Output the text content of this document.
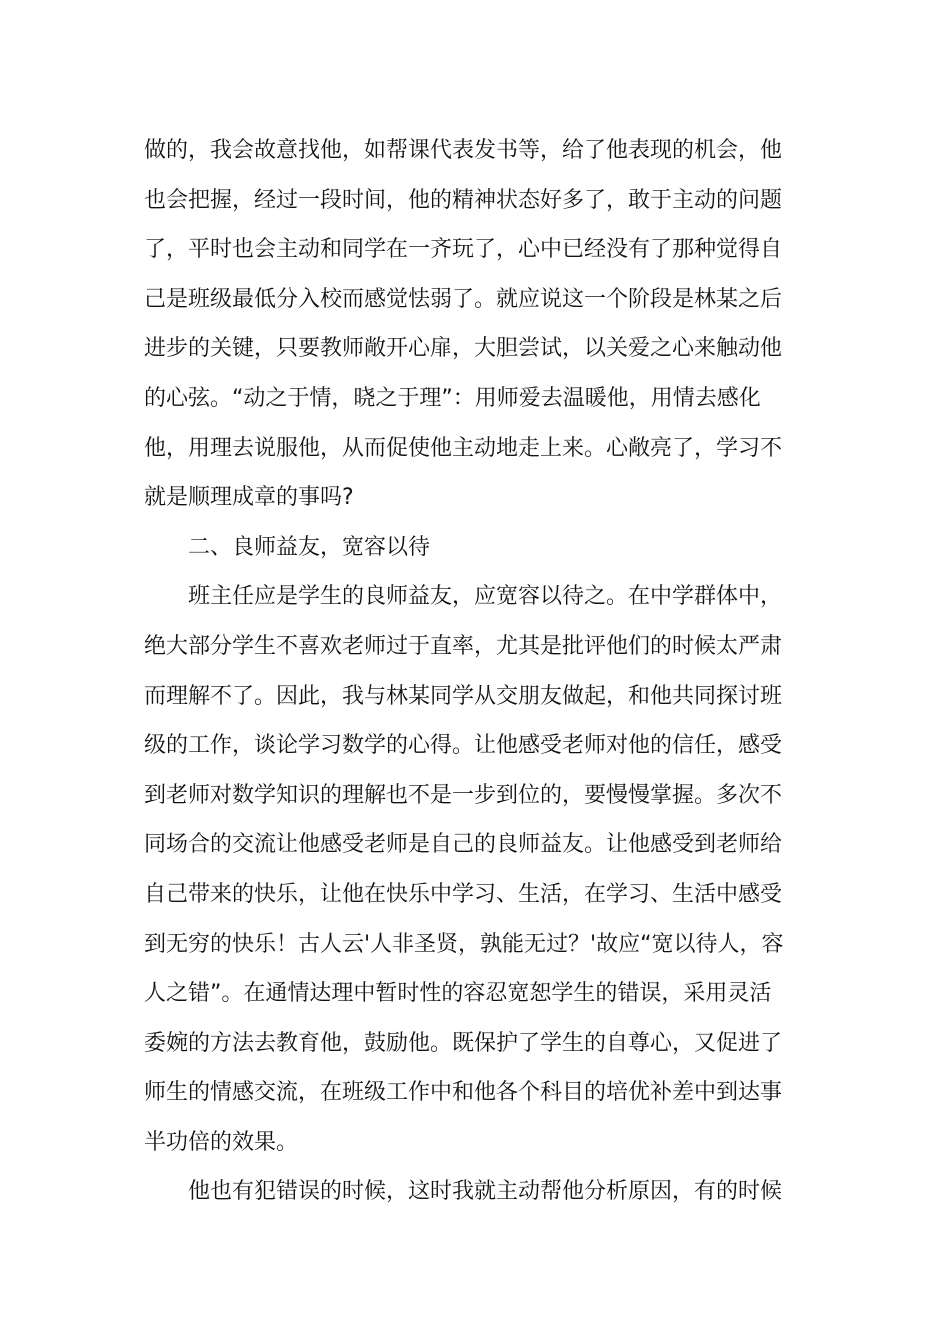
做的，我会故意找他，如帮课代表发书等，给了他表现的机会，他
也会把握，经过一段时间，他的精神状态好多了，敢于主动的问题
了，平时也会主动和同学在一齐玩了，心中已经没有了那种觉得自
己是班级最低分入校而感觉怯弱了。就应说这一个阶段是林某之后
进步的关键，只要教师敞开心扉，大胆尝试，以关爱之心来触动他
的心弦。“动之于情，晓之于理”：用师爱去温暖他，用情去感化
他，用理去说服他，从而促使他主动地走上来。心敞亮了，学习不
就是顺理成章的事吗?

二、良师益友，宽容以待

班主任应是学生的良师益友，应宽容以待之。在中学群体中，
绝大部分学生不喜欢老师过于直率，尤其是批评他们的时候太严肃
而理解不了。因此，我与林某同学从交朋友做起，和他共同探讨班
级的工作，谈论学习数学的心得。让他感受老师对他的信任，感受
到老师对数学知识的理解也不是一步到位的，要慢慢掌握。多次不
同场合的交流让他感受老师是自己的良师益友。让他感受到老师给
自己带来的快乐，让他在快乐中学习、生活，在学习、生活中感受
到无穷的快乐！古人云'人非圣贤，孰能无过？'故应“宽以待人，容
人之错”。在通情达理中暂时性的容忍宽恕学生的错误，采用灵活
委婉的方法去教育他，鼓励他。既保护了学生的自尊心，又促进了
师生的情感交流，在班级工作中和他各个科目的培优补差中到达事
半功倍的效果。

他也有犯错误的时候，这时我就主动帮他分析原因，有的时候
